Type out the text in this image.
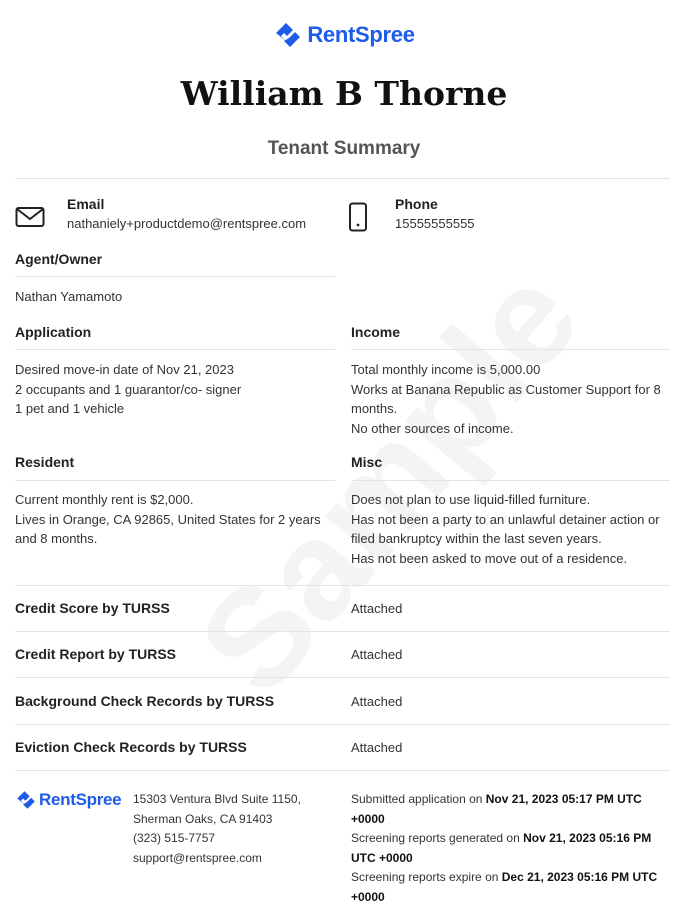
RentSpree
William B Thorne
Tenant Summary
Email
nathaniely+productdemo@rentspree.com
Phone
15555555555
Agent/Owner
Nathan Yamamoto
Application
Desired move-in date of Nov 21, 2023
2 occupants and 1 guarantor/co- signer
1 pet and 1 vehicle
Income
Total monthly income is 5,000.00
Works at Banana Republic as Customer Support for 8 months.
No other sources of income.
Resident
Current monthly rent is $2,000.
Lives in Orange, CA 92865, United States for 2 years and 8 months.
Misc
Does not plan to use liquid-filled furniture.
Has not been a party to an unlawful detainer action or filed bankruptcy within the last seven years.
Has not been asked to move out of a residence.
Credit Score by TURSS	Attached
Credit Report by TURSS	Attached
Background Check Records by TURSS	Attached
Eviction Check Records by TURSS	Attached
RentSpree 15303 Ventura Blvd Suite 1150,
Sherman Oaks, CA 91403
(323) 515-7757
support@rentspree.com
Submitted application on Nov 21, 2023 05:17 PM UTC +0000
Screening reports generated on Nov 21, 2023 05:16 PM UTC +0000
Screening reports expire on Dec 21, 2023 05:16 PM UTC +0000
